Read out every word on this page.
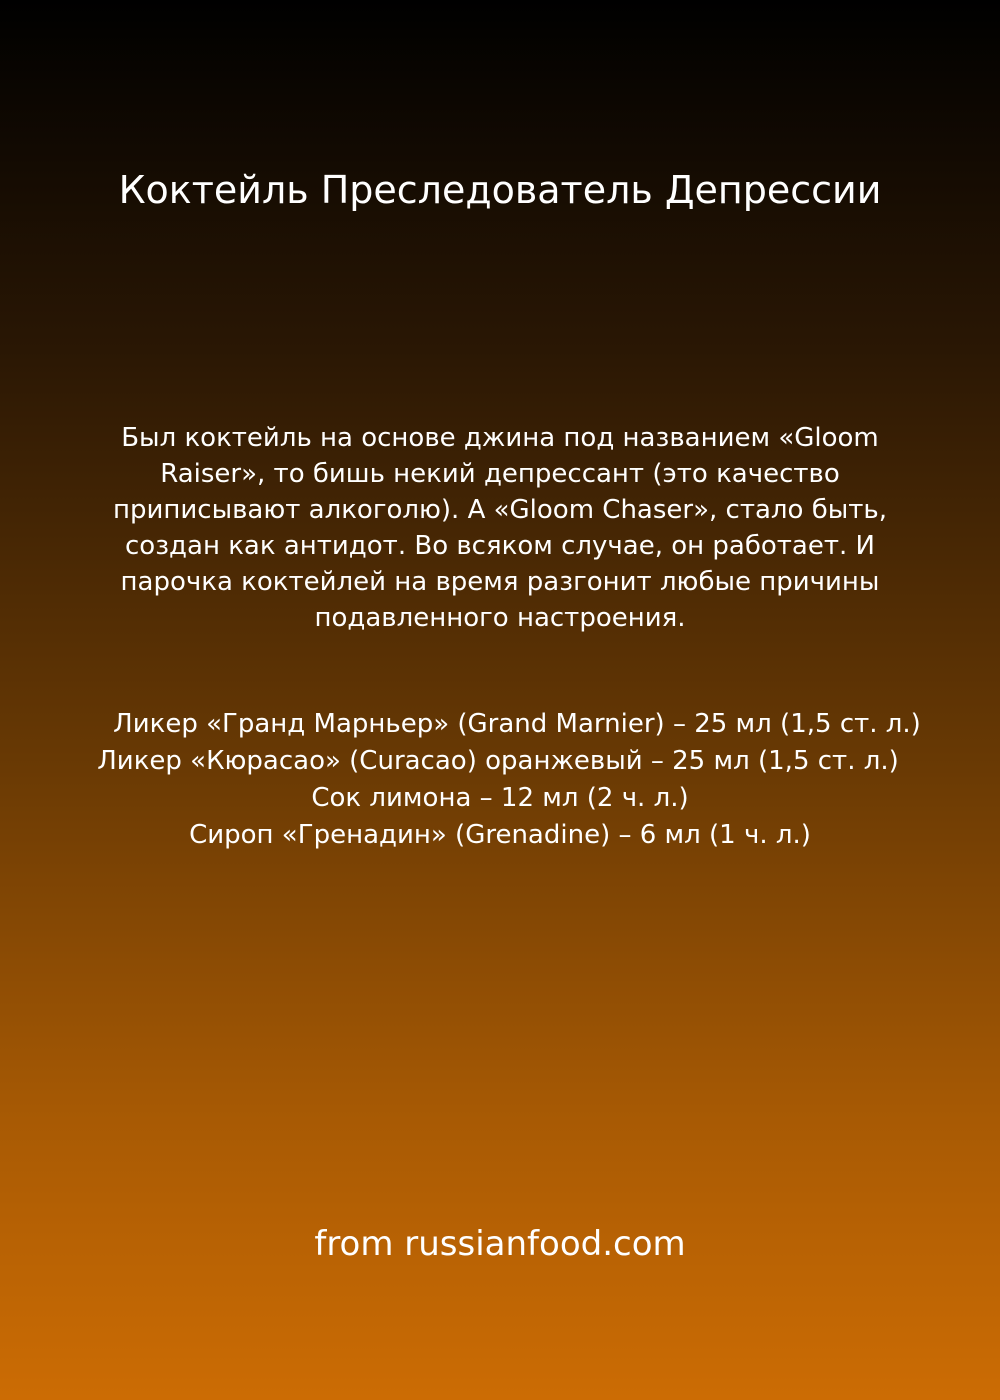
Коктейль Преследователь Депрессии

Был коктейль на основе джина под названием «Gloom Raiser», то бишь некий депрессант (это качество приписывают алкоголю). А «Gloom Chaser», стало быть, создан как антидот. Во всяком случае, он работает. И парочка коктейлей на время разгонит любые причины подавленного настроения.

Ликер «Гранд Марньер» (Grand Marnier) – 25 мл (1,5 ст. л.)
Ликер «Кюрасао» (Curacao) оранжевый – 25 мл (1,5 ст. л.)
Сок лимона – 12 мл (2 ч. л.)
Сироп «Гренадин» (Grenadine) – 6 мл (1 ч. л.)

from russianfood.com
